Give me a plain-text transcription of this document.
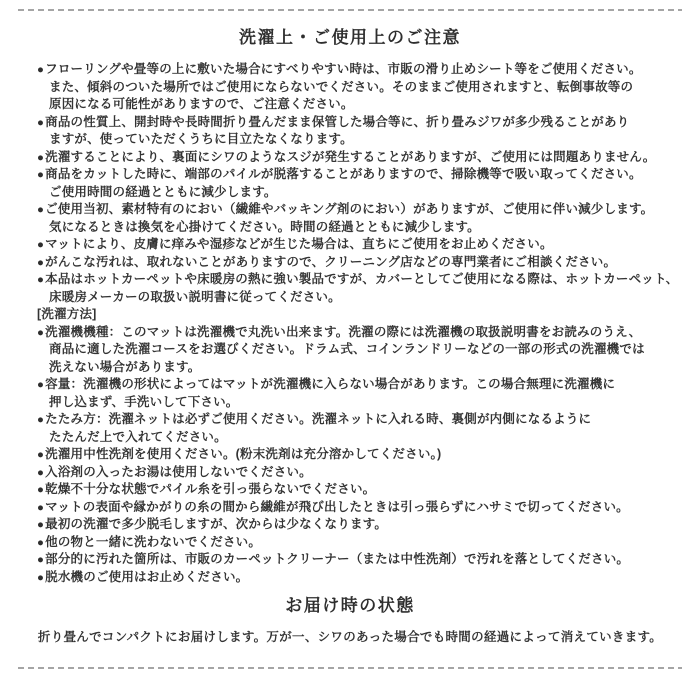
洗濯上・ご使用上のご注意
●フローリングや畳等の上に敷いた場合にすべりやすい時は、市販の滑り止めシート等をご使用ください。
また、傾斜のついた場所ではご使用にならないでください。そのままご使用されますと、転倒事故等の
原因になる可能性がありますので、ご注意ください。
●商品の性質上、開封時や長時間折り畳んだまま保管した場合等に、折り畳みジワが多少残ることがあり
ますが、使っていただくうちに目立たなくなります。
●洗濯することにより、裏面にシワのようなスジが発生することがありますが、ご使用には問題ありません。
●商品をカットした時に、端部のパイルが脱落することがありますので、掃除機等で吸い取ってください。
ご使用時間の経過とともに減少します。
●ご使用当初、素材特有のにおい（繊維やバッキング剤のにおい）がありますが、ご使用に伴い減少します。
気になるときは換気を心掛けてください。時間の経過とともに減少します。
●マットにより、皮膚に痒みや湿疹などが生じた場合は、直ちにご使用をお止めください。
●がんこな汚れは、取れないことがありますので、クリーニング店などの専門業者にご相談ください。
●本品はホットカーペットや床暖房の熱に強い製品ですが、カバーとしてご使用になる際は、ホットカーペット、
床暖房メーカーの取扱い説明書に従ってください。
[洗濯方法]
●洗濯機機種：このマットは洗濯機で丸洗い出来ます。洗濯の際には洗濯機の取扱説明書をお読みのうえ、
商品に適した洗濯コースをお選びください。ドラム式、コインランドリーなどの一部の形式の洗濯機では
洗えない場合があります。
●容量：洗濯機の形状によってはマットが洗濯機に入らない場合があります。この場合無理に洗濯機に
押し込まず、手洗いして下さい。
●たたみ方：洗濯ネットは必ずご使用ください。洗濯ネットに入れる時、裏側が内側になるように
たたんだ上で入れてください。
●洗濯用中性洗剤を使用ください。(粉末洗剤は充分溶かしてください。)
●入浴剤の入ったお湯は使用しないでください。
●乾燥不十分な状態でパイル糸を引っ張らないでください。
●マットの表面や縁かがりの糸の間から繊維が飛び出したときは引っ張らずにハサミで切ってください。
●最初の洗濯で多少脱毛しますが、次からは少なくなります。
●他の物と一緒に洗わないでください。
●部分的に汚れた箇所は、市販のカーペットクリーナー（または中性洗剤）で汚れを落としてください。
●脱水機のご使用はお止めください。
お届け時の状態

折り畳んでコンパクトにお届けします。万が一、シワのあった場合でも時間の経過によって消えていきます。
